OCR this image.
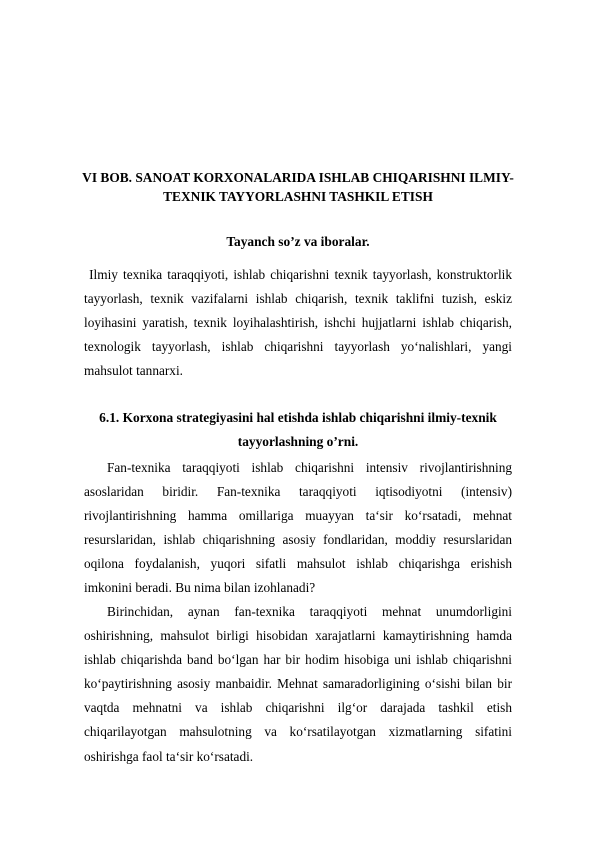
VI BOB. SANOAT KORXONALARIDA ISHLAB CHIQARISHNI ILMIY-
TEXNIK TAYYORLASHNI TASHKIL ETISH
Tayanch so’z va iboralar.

Ilmiy texnika taraqqiyoti, ishlab chiqarishni texnik tayyorlash, konstruktorlik tayyorlash, texnik vazifalarni ishlab chiqarish, texnik taklifni tuzish, eskiz loyihasini yaratish, texnik loyihalashtirish, ishchi hujjatlarni ishlab chiqarish, texnologik tayyorlash, ishlab chiqarishni tayyorlash yo‘nalishlari, yangi mahsulot tannarxi.

6.1. Korxona strategiyasini hal etishda ishlab chiqarishni ilmiy-texnik
tayyorlashning o’rni.

Fan-texnika taraqqiyoti ishlab chiqarishni intensiv rivojlantirishning asoslaridan biridir. Fan-texnika taraqqiyoti iqtisodiyotni (intensiv) rivojlantirishning hamma omillariga muayyan ta‘sir ko‘rsatadi, mehnat resurslaridan, ishlab chiqarishning asosiy fondlaridan, moddiy resurslaridan oqilona foydalanish, yuqori sifatli mahsulot ishlab chiqarishga erishish imkonini beradi. Bu nima bilan izohlanadi?

Birinchidan, aynan fan-texnika taraqqiyoti mehnat unumdorligini oshirishning, mahsulot birligi hisobidan xarajatlarni kamaytirishning hamda ishlab chiqarishda band bo‘lgan har bir hodim hisobiga uni ishlab chiqarishni ko‘paytirishning asosiy manbaidir. Mehnat samaradorligining o‘sishi bilan bir vaqtda mehnatni va ishlab chiqarishni ilg‘or darajada tashkil etish chiqarilayotgan mahsulotning va ko‘rsatilayotgan xizmatlarning sifatini oshirishga faol ta‘sir ko‘rsatadi.
